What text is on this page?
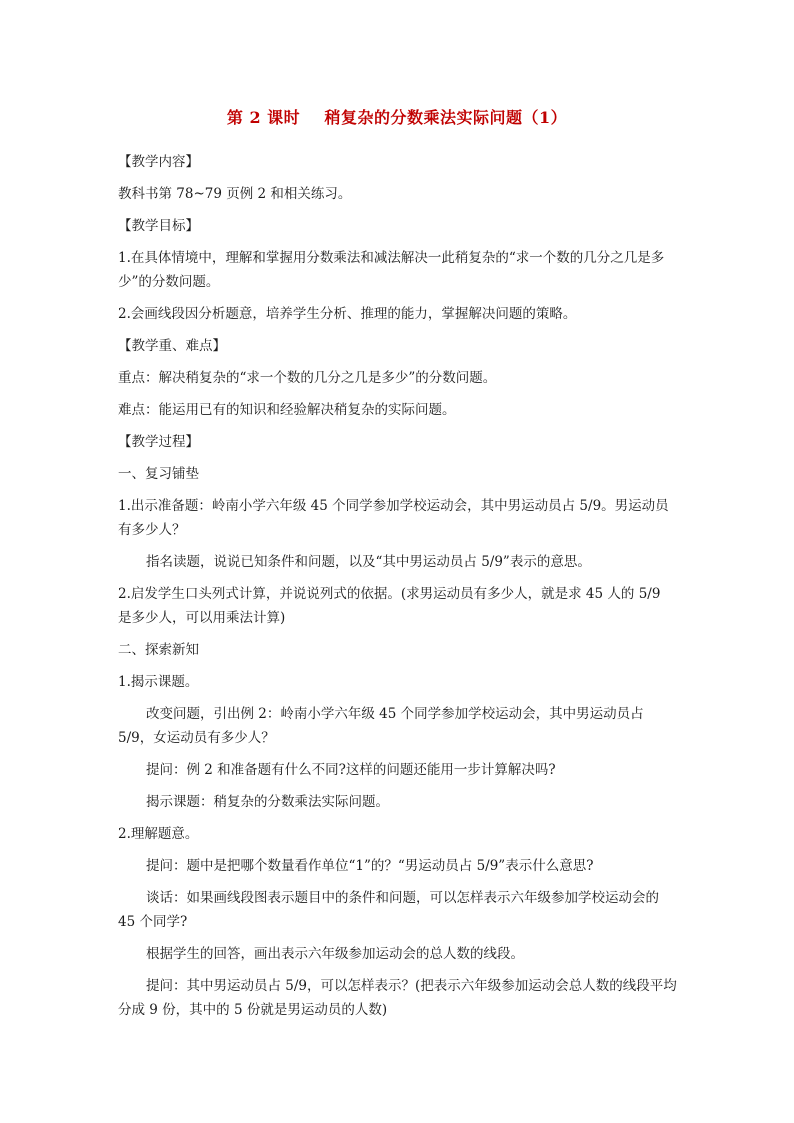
第 2 课时    稍复杂的分数乘法实际问题（1）

【教学内容】

教科书第 78~79 页例 2 和相关练习。

【教学目标】

1.在具体情境中，理解和掌握用分数乘法和减法解决一此稍复杂的“求一个数的几分之几是多少”的分数问题。

2.会画线段因分析题意，培养学生分析、推理的能力，掌握解决问题的策略。

【教学重、难点】

重点：解决稍复杂的“求一个数的几分之几是多少”的分数问题。

难点：能运用已有的知识和经验解决稍复杂的实际问题。

【教学过程】

一、复习铺垫

1.出示准备题：岭南小学六年级 45 个同学参加学校运动会，其中男运动员占 5/9。男运动员有多少人？

指名读题，说说已知条件和问题，以及“其中男运动员占 5/9”表示的意思。

2.启发学生口头列式计算，并说说列式的依据。(求男运动员有多少人，就是求 45 人的 5/9 是多少人，可以用乘法计算)

二、探索新知

1.揭示课题。

改变问题，引出例 2：岭南小学六年级 45 个同学参加学校运动会，其中男运动员占 5/9，女运动员有多少人？

提问：例 2 和准备题有什么不同?这样的问题还能用一步计算解决吗?

揭示课题：稍复杂的分数乘法实际问题。

2.理解题意。

提问：题中是把哪个数量看作单位“1”的？“男运动员占 5/9”表示什么意思?

谈话：如果画线段图表示题目中的条件和问题，可以怎样表示六年级参加学校运动会的 45 个同学?

根据学生的回答，画出表示六年级参加运动会的总人数的线段。

提问：其中男运动员占 5/9，可以怎样表示？(把表示六年级参加运动会总人数的线段平均分成 9 份，其中的 5 份就是男运动员的人数)
